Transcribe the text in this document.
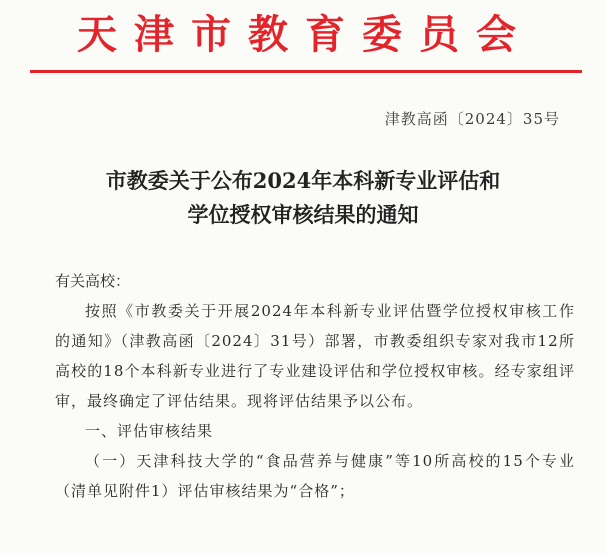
天津市教育委员会
津教高函〔2024〕35号
市教委关于公布2024年本科新专业评估和
学位授权审核结果的通知

有关高校：

按照《市教委关于开展2024年本科新专业评估暨学位授权审核工作的通知》（津教高函〔2024〕31号）部署，市教委组织专家对我市12所高校的18个本科新专业进行了专业建设评估和学位授权审核。经专家组评审，最终确定了评估结果。现将评估结果予以公布。

一、评估审核结果

（一）天津科技大学的“食品营养与健康”等10所高校的15个专业（清单见附件1）评估审核结果为“合格”；
